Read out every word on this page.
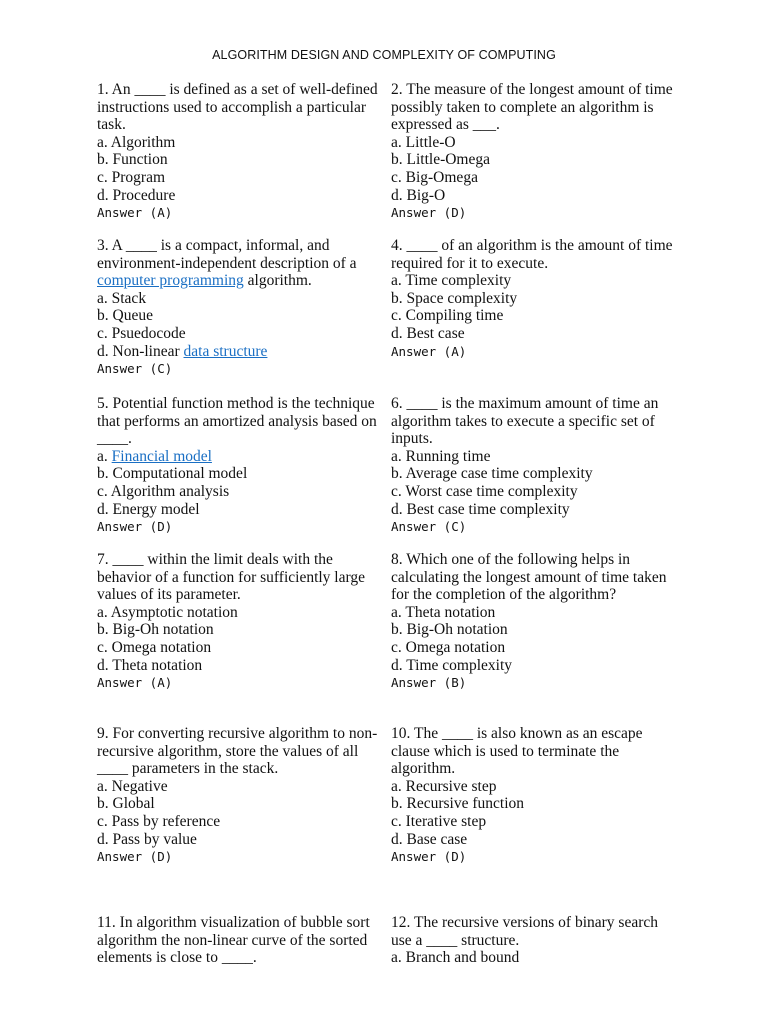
ALGORITHM DESIGN AND COMPLEXITY OF COMPUTING

1. An ____ is defined as a set of well-defined instructions used to accomplish a particular task.

a. Algorithm

b. Function

c. Program

d. Procedure

Answer (A)

2. The measure of the longest amount of time possibly taken to complete an algorithm is expressed as ___.

a. Little-O

b. Little-Omega

c. Big-Omega

d. Big-O

Answer (D)

3. A ____ is a compact, informal, and environment-independent description of a computer programming algorithm.

a. Stack

b. Queue

c. Psuedocode

d. Non-linear data structure

Answer (C)

4. ____ of an algorithm is the amount of time required for it to execute.

a. Time complexity

b. Space complexity

c. Compiling time

d. Best case

Answer (A)

5. Potential function method is the technique that performs an amortized analysis based on ____.

a. Financial model

b. Computational model

c. Algorithm analysis

d. Energy model

Answer (D)

6. ____ is the maximum amount of time an algorithm takes to execute a specific set of inputs.

a. Running time

b. Average case time complexity

c. Worst case time complexity

d. Best case time complexity

Answer (C)

7. ____ within the limit deals with the behavior of a function for sufficiently large values of its parameter.

a. Asymptotic notation

b. Big-Oh notation

c. Omega notation

d. Theta notation

Answer (A)

8. Which one of the following helps in calculating the longest amount of time taken for the completion of the algorithm?

a. Theta notation

b. Big-Oh notation

c. Omega notation

d. Time complexity

Answer (B)

9. For converting recursive algorithm to non-recursive algorithm, store the values of all ____ parameters in the stack.

a. Negative

b. Global

c. Pass by reference

d. Pass by value

Answer (D)

10. The ____ is also known as an escape clause which is used to terminate the algorithm.

a. Recursive step

b. Recursive function

c. Iterative step

d. Base case

Answer (D)

11. In algorithm visualization of bubble sort algorithm the non-linear curve of the sorted elements is close to ____.

12. The recursive versions of binary search use a ____ structure.

a. Branch and bound
